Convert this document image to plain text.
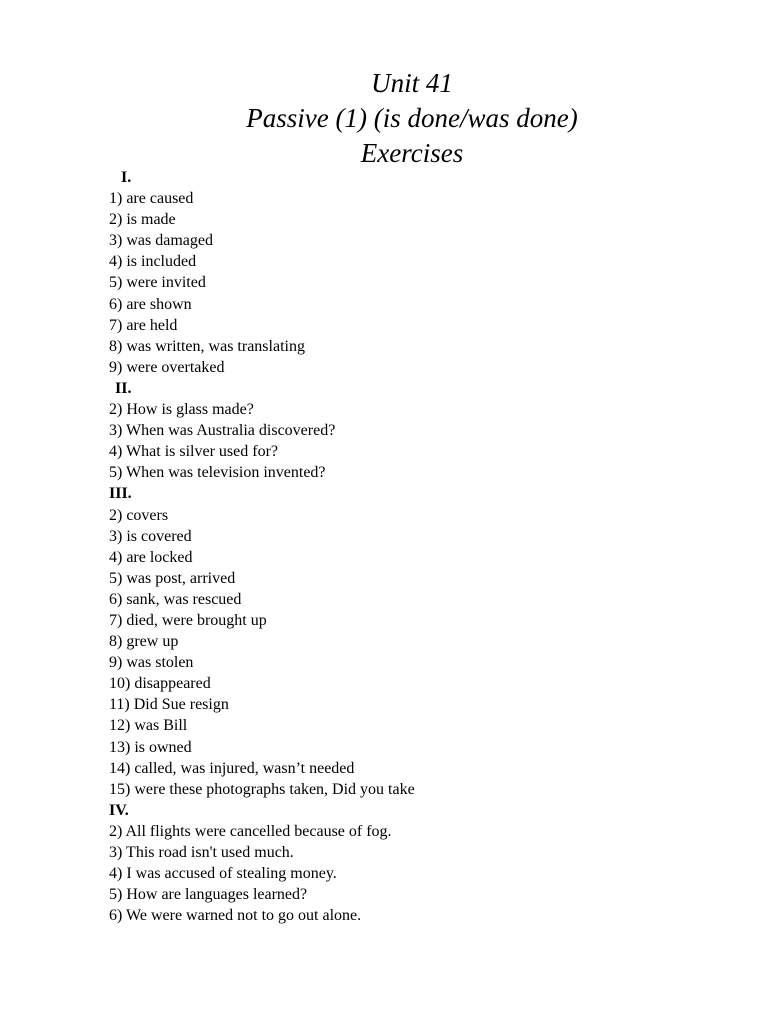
Unit 41
Passive (1) (is done/was done)
Exercises
I.
1) are caused
2) is made
3) was damaged
4) is included
5) were invited
6) are shown
7) are held
8) was written, was translating
9) were overtaked
II.
2) How is glass made?
3) When was Australia discovered?
4) What is silver used for?
5) When was television invented?
III.
2) covers
3) is covered
4) are locked
5) was post, arrived
6) sank, was rescued
7) died, were brought up
8) grew up
9) was stolen
10) disappeared
11) Did Sue resign
12) was Bill
13) is owned
14) called, was injured, wasn’t needed
15) were these photographs taken, Did you take
IV.
2) All flights were cancelled because of fog.
3) This road isn't used much.
4) I was accused of stealing money.
5) How are languages learned?
6) We were warned not to go out alone.
